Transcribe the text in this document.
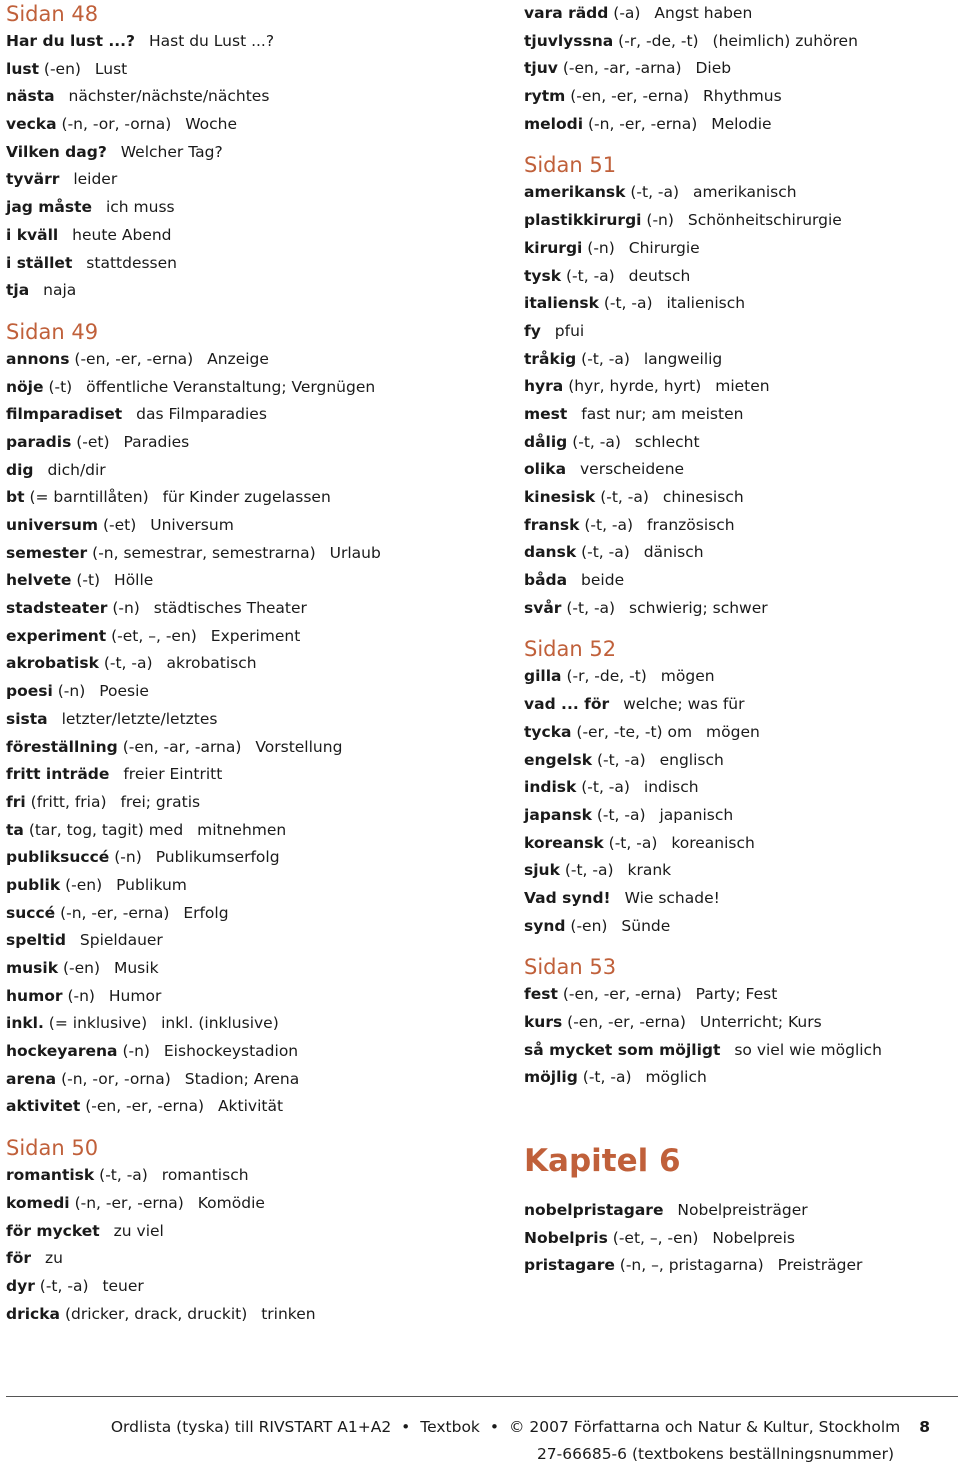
Sidan 48
Har du lust ...? Hast du Lust ...?
lust (-en) Lust
nästa nächster/nächste/nächtes
vecka (-n, -or, -orna) Woche
Vilken dag? Welcher Tag?
tyvärr leider
jag måste ich muss
i kväll heute Abend
i stället stattdessen
tja naja
Sidan 49
annons (-en, -er, -erna) Anzeige
nöje (-t) öffentliche Veranstaltung; Vergnügen
filmparadiset das Filmparadies
paradis (-et) Paradies
dig dich/dir
bt (= barntillåten) für Kinder zugelassen
universum (-et) Universum
semester (-n, semestrar, semestrarna) Urlaub
helvete (-t) Hölle
stadsteater (-n) städtisches Theater
experiment (-et, –, -en) Experiment
akrobatisk (-t, -a) akrobatisch
poesi (-n) Poesie
sista letzter/letzte/letztes
föreställning (-en, -ar, -arna) Vorstellung
fritt inträde freier Eintritt
fri (fritt, fria) frei; gratis
ta (tar, tog, tagit) med mitnehmen
publiksuccé (-n) Publikumserfolg
publik (-en) Publikum
succé (-n, -er, -erna) Erfolg
speltid Spieldauer
musik (-en) Musik
humor (-n) Humor
inkl. (= inklusive) inkl. (inklusive)
hockeyarena (-n) Eishockeystadion
arena (-n, -or, -orna) Stadion; Arena
aktivitet (-en, -er, -erna) Aktivität
Sidan 50
romantisk (-t, -a) romantisch
komedi (-n, -er, -erna) Komödie
för mycket zu viel
för zu
dyr (-t, -a) teuer
dricka (dricker, drack, druckit) trinken
vara rädd (-a) Angst haben
tjuvlyssna (-r, -de, -t) (heimlich) zuhören
tjuv (-en, -ar, -arna) Dieb
rytm (-en, -er, -erna) Rhythmus
melodi (-n, -er, -erna) Melodie
Sidan 51
amerikansk (-t, -a) amerikanisch
plastikkirurgi (-n) Schönheitschirurgie
kirurgi (-n) Chirurgie
tysk (-t, -a) deutsch
italiensk (-t, -a) italienisch
fy pfui
tråkig (-t, -a) langweilig
hyra (hyr, hyrde, hyrt) mieten
mest fast nur; am meisten
dålig (-t, -a) schlecht
olika verscheidene
kinesisk (-t, -a) chinesisch
fransk (-t, -a) französisch
dansk (-t, -a) dänisch
båda beide
svår (-t, -a) schwierig; schwer
Sidan 52
gilla (-r, -de, -t) mögen
vad ... för welche; was für
tycka (-er, -te, -t) om mögen
engelsk (-t, -a) englisch
indisk (-t, -a) indisch
japansk (-t, -a) japanisch
koreansk (-t, -a) koreanisch
sjuk (-t, -a) krank
Vad synd! Wie schade!
synd (-en) Sünde
Sidan 53
fest (-en, -er, -erna) Party; Fest
kurs (-en, -er, -erna) Unterricht; Kurs
så mycket som möjligt so viel wie möglich
möjlig (-t, -a) möglich
Kapitel 6
nobelpristagare Nobelpreisträger
Nobelpris (-et, –, -en) Nobelpreis
pristagare (-n, –, pristagarna) Preisträger
Ordlista (tyska) till RIVSTART A1+A2 • Textbok • © 2007 Författarna och Natur & Kultur, Stockholm 8
27-66685-6 (textbokens beställningsnummer)
